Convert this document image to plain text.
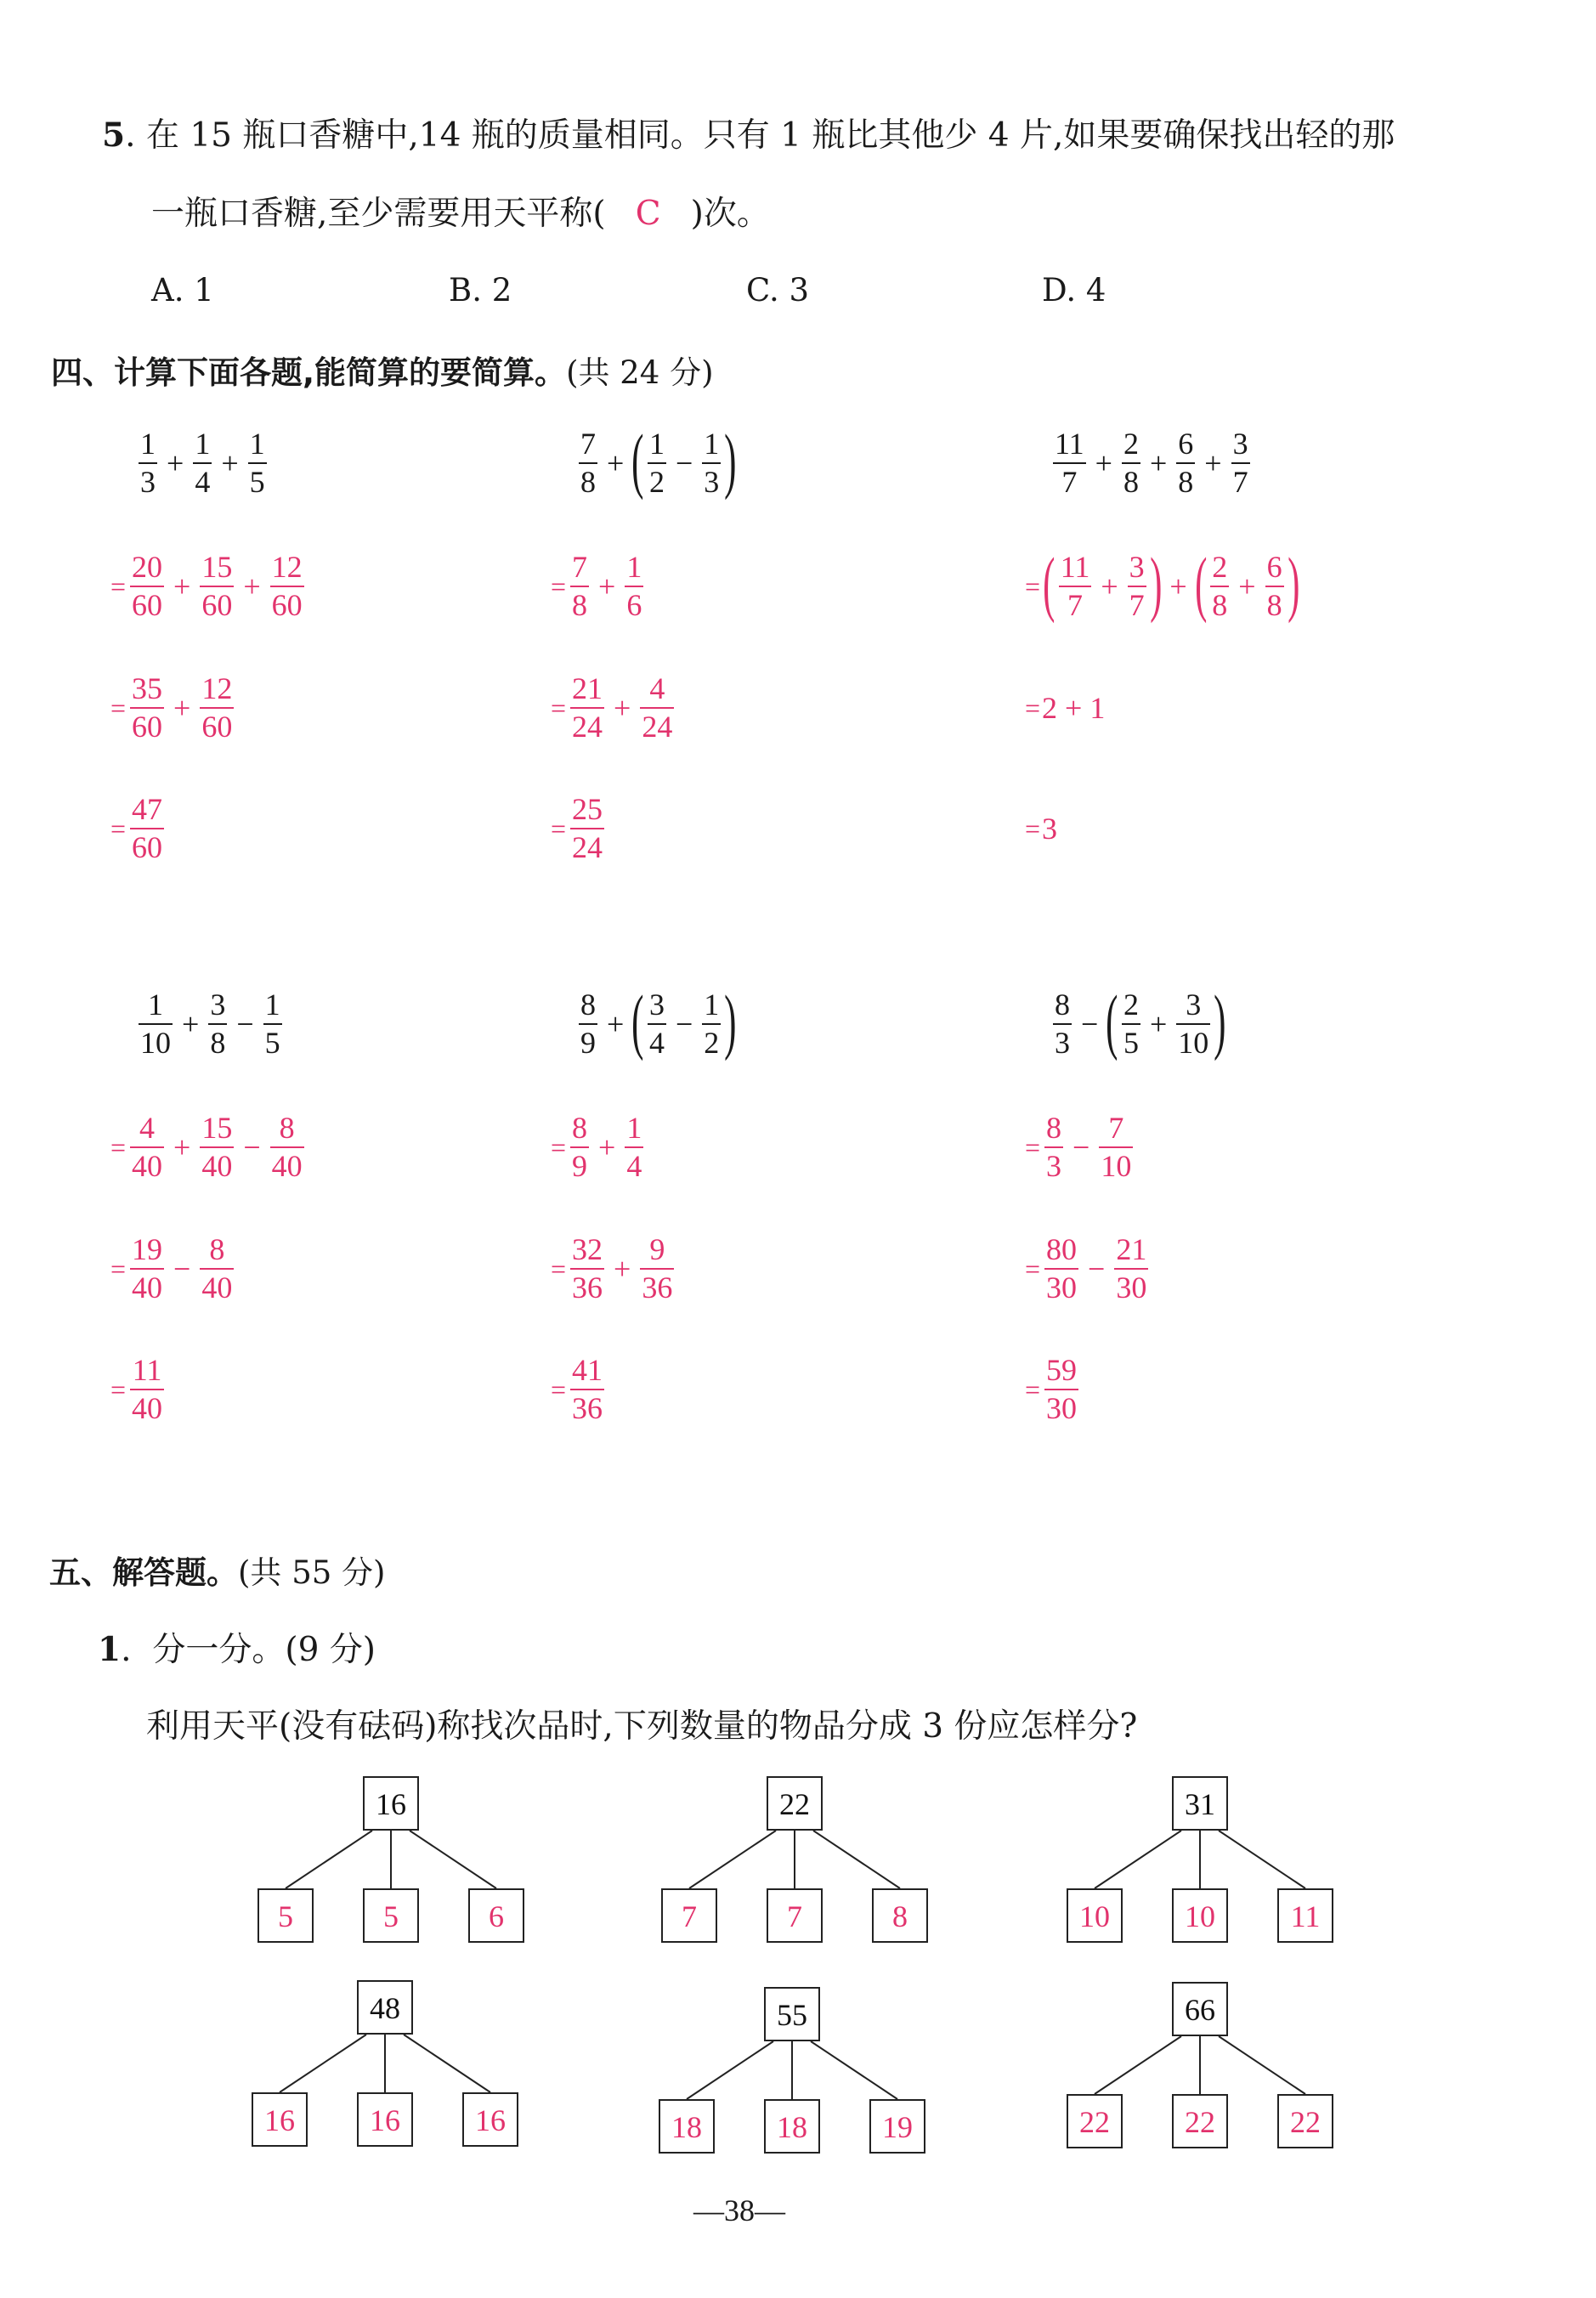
5. 在 15 瓶口香糖中,14 瓶的质量相同。只有 1 瓶比其他少 4 片,如果要确保找出轻的那
一瓶口香糖,至少需要用天平称( C )次。
A. 1	B. 2	C. 3	D. 4
四、计算下面各题,能简算的要简算。(共 24 分)
$\frac{1}{3} + \frac{1}{4} + \frac{1}{5}$
= $\frac{20}{60} + \frac{15}{60} + \frac{12}{60}$
= $\frac{35}{60} + \frac{12}{60}$
= $\frac{47}{60}$
$\frac{7}{8}$ + ( $\frac{1}{2} - \frac{1}{3}$ )
= $\frac{7}{8} + \frac{1}{6}$
= $\frac{21}{24} + \frac{4}{24}$
= $\frac{25}{24}$
$\frac{11}{7} + \frac{2}{8} + \frac{6}{8} + \frac{3}{7}$
= ( $\frac{11}{7} + \frac{3}{7}$ ) + ( $\frac{2}{8} + \frac{6}{8}$ )
= 2 + 1
= 3
$\frac{1}{10} + \frac{3}{8} - \frac{1}{5}$
= $\frac{4}{40} + \frac{15}{40} - \frac{8}{40}$
= $\frac{19}{40} - \frac{8}{40}$
= $\frac{11}{40}$
$\frac{8}{9}$ + ( $\frac{3}{4} - \frac{1}{2}$ )
= $\frac{8}{9} + \frac{1}{4}$
= $\frac{32}{36} + \frac{9}{36}$
= $\frac{41}{36}$
$\frac{8}{3}$ − ( $\frac{2}{5} + \frac{3}{10}$ )
= $\frac{8}{3} - \frac{7}{10}$
= $\frac{80}{30} - \frac{21}{30}$
= $\frac{59}{30}$
五、解答题。(共 55 分)
1.  分一分。(9 分)
利用天平(没有砝码)称找次品时,下列数量的物品分成 3 份应怎样分?
16
5	5	6
22
7	7	8
31
10	10	11
48
16	16	16
55
18	18	19
66
22	22	22
—38—
